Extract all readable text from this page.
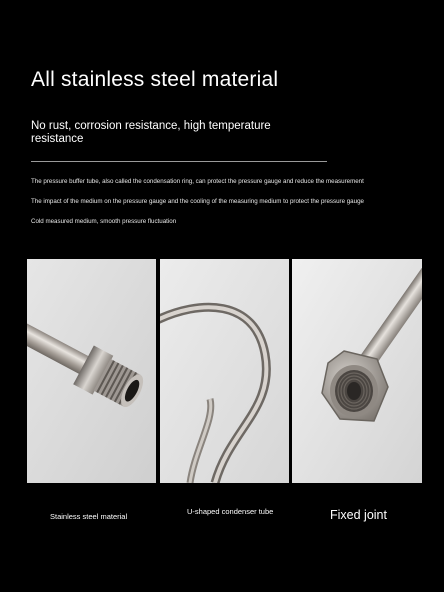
All stainless steel material
No rust, corrosion resistance, high temperature resistance
The pressure buffer tube, also called the condensation ring, can protect the pressure gauge and reduce the measurement
The impact of the medium on the pressure gauge and the cooling of the measuring medium to protect the pressure gauge
Cold measured medium, smooth pressure fluctuation
Stainless steel material
U-shaped condenser tube	Fixed joint
